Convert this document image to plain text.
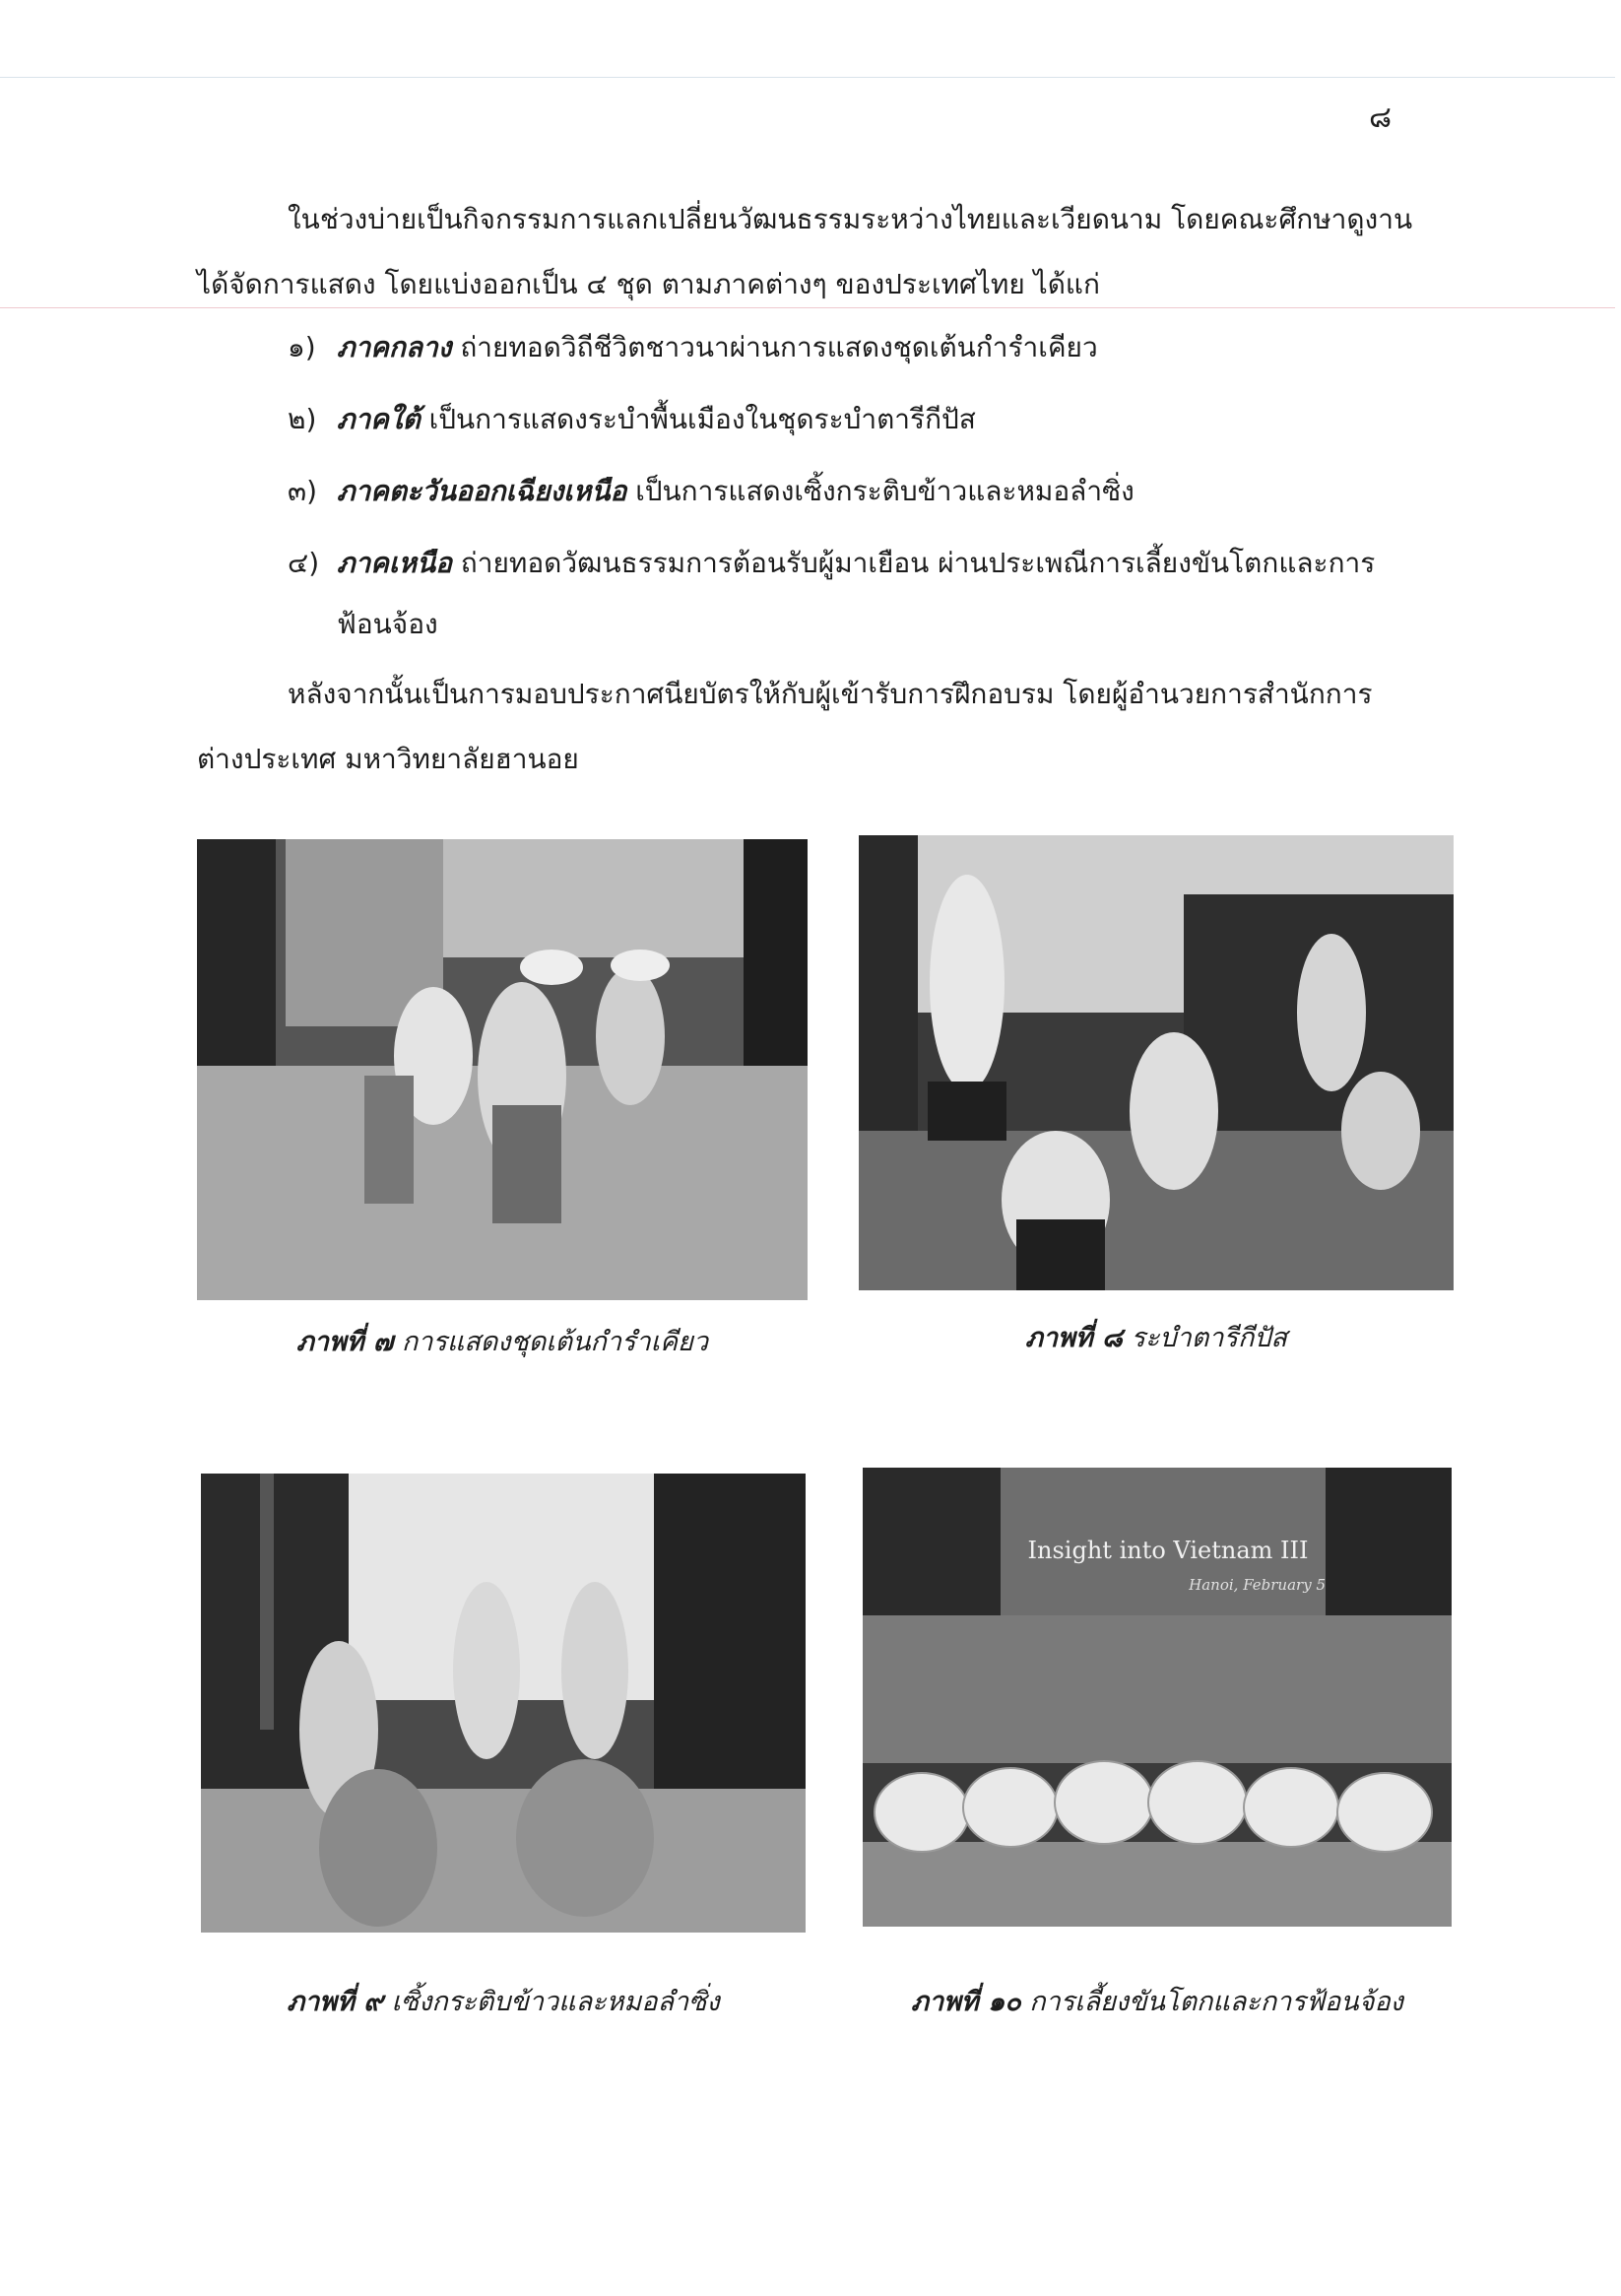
๘

ในช่วงบ่ายเป็นกิจกรรมการแลกเปลี่ยนวัฒนธรรมระหว่างไทยและเวียดนาม โดยคณะศึกษาดูงานได้จัดการแสดง โดยแบ่งออกเป็น ๔ ชุด ตามภาคต่างๆ ของประเทศไทย ได้แก่

๑) ภาคกลาง ถ่ายทอดวิถีชีวิตชาวนาผ่านการแสดงชุดเต้นกำรำเคียว
๒) ภาคใต้ เป็นการแสดงระบำพื้นเมืองในชุดระบำตารีกีปัส
๓) ภาคตะวันออกเฉียงเหนือ เป็นการแสดงเซิ้งกระติบข้าวและหมอลำซิ่ง
๔) ภาคเหนือ ถ่ายทอดวัฒนธรรมการต้อนรับผู้มาเยือน ผ่านประเพณีการเลี้ยงขันโตกและการฟ้อนจ้อง

หลังจากนั้นเป็นการมอบประกาศนียบัตรให้กับผู้เข้ารับการฝึกอบรม โดยผู้อำนวยการสำนักการต่างประเทศ มหาวิทยาลัยฮานอย

ภาพที่ ๗ การแสดงชุดเต้นกำรำเคียว	ภาพที่ ๘ ระบำตารีกีปัส
ภาพที่ ๙ เซิ้งกระติบข้าวและหมอลำซิ่ง
Insight into Vietnam III
Hanoi, February 5
ภาพที่ ๑๐ การเลี้ยงขันโตกและการฟ้อนจ้อง
